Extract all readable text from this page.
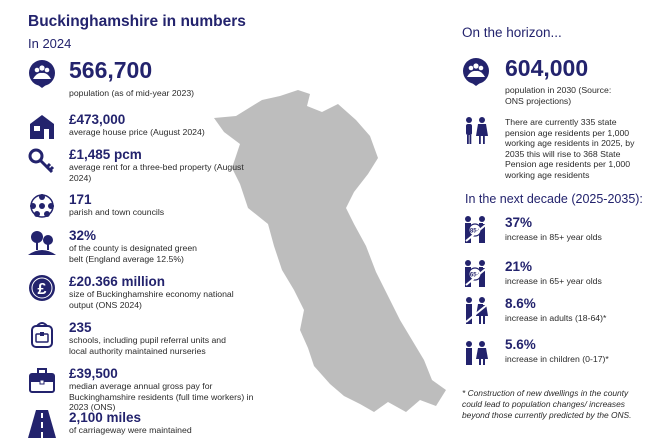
Buckinghamshire in numbers
In 2024
566,700
population (as of mid-year 2023)
£473,000
average house price (August 2024)
£1,485 pcm
average rent for a three-bed property (August 2024)
171
parish and town councils
32%
of the county is designated green belt (England average 12.5%)
£ £20.366 million
size of Buckinghamshire economy national output (ONS 2024)
235
schools, including pupil referral units and local authority maintained nurseries
£39,500
median average annual gross pay for Buckinghamshire residents (full time workers) in 2023 (ONS)
2,100 miles
of carriageway were maintained
On the horizon...
604,000
population in 2030 (Source: ONS projections)
There are currently 335 state pension age residents per 1,000 working age residents in 2025, by 2035 this will rise to 368 State Pension age residents per 1,000 working age residents
In the next decade (2025-2035):
85+
37%
increase in 85+ year olds
65+
21%
increase in 65+ year olds
8.6%
increase in adults (18-64)*
5.6%
increase in children (0-17)*
* Construction of new dwellings in the county could lead to population changes/ increases beyond those currently predicted by the ONS.
